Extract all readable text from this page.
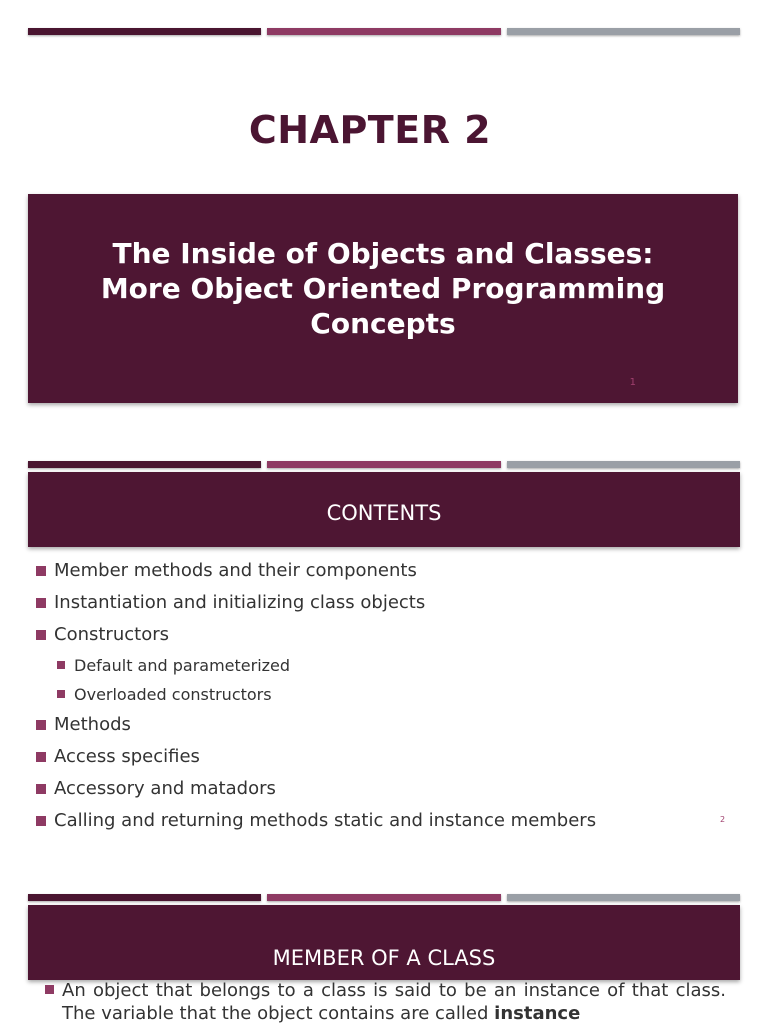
CHAPTER 2

The Inside of Objects and Classes: More Object Oriented Programming Concepts

1

CONTENTS

Member methods and their components
Instantiation and initializing class objects
Constructors
Default and parameterized
Overloaded constructors
Methods
Access specifies
Accessory and matadors
Calling and returning methods static and instance members	2

MEMBER OF A CLASS

An object that belongs to a class is said to be an instance of that class. The variable that the object contains are called instance
